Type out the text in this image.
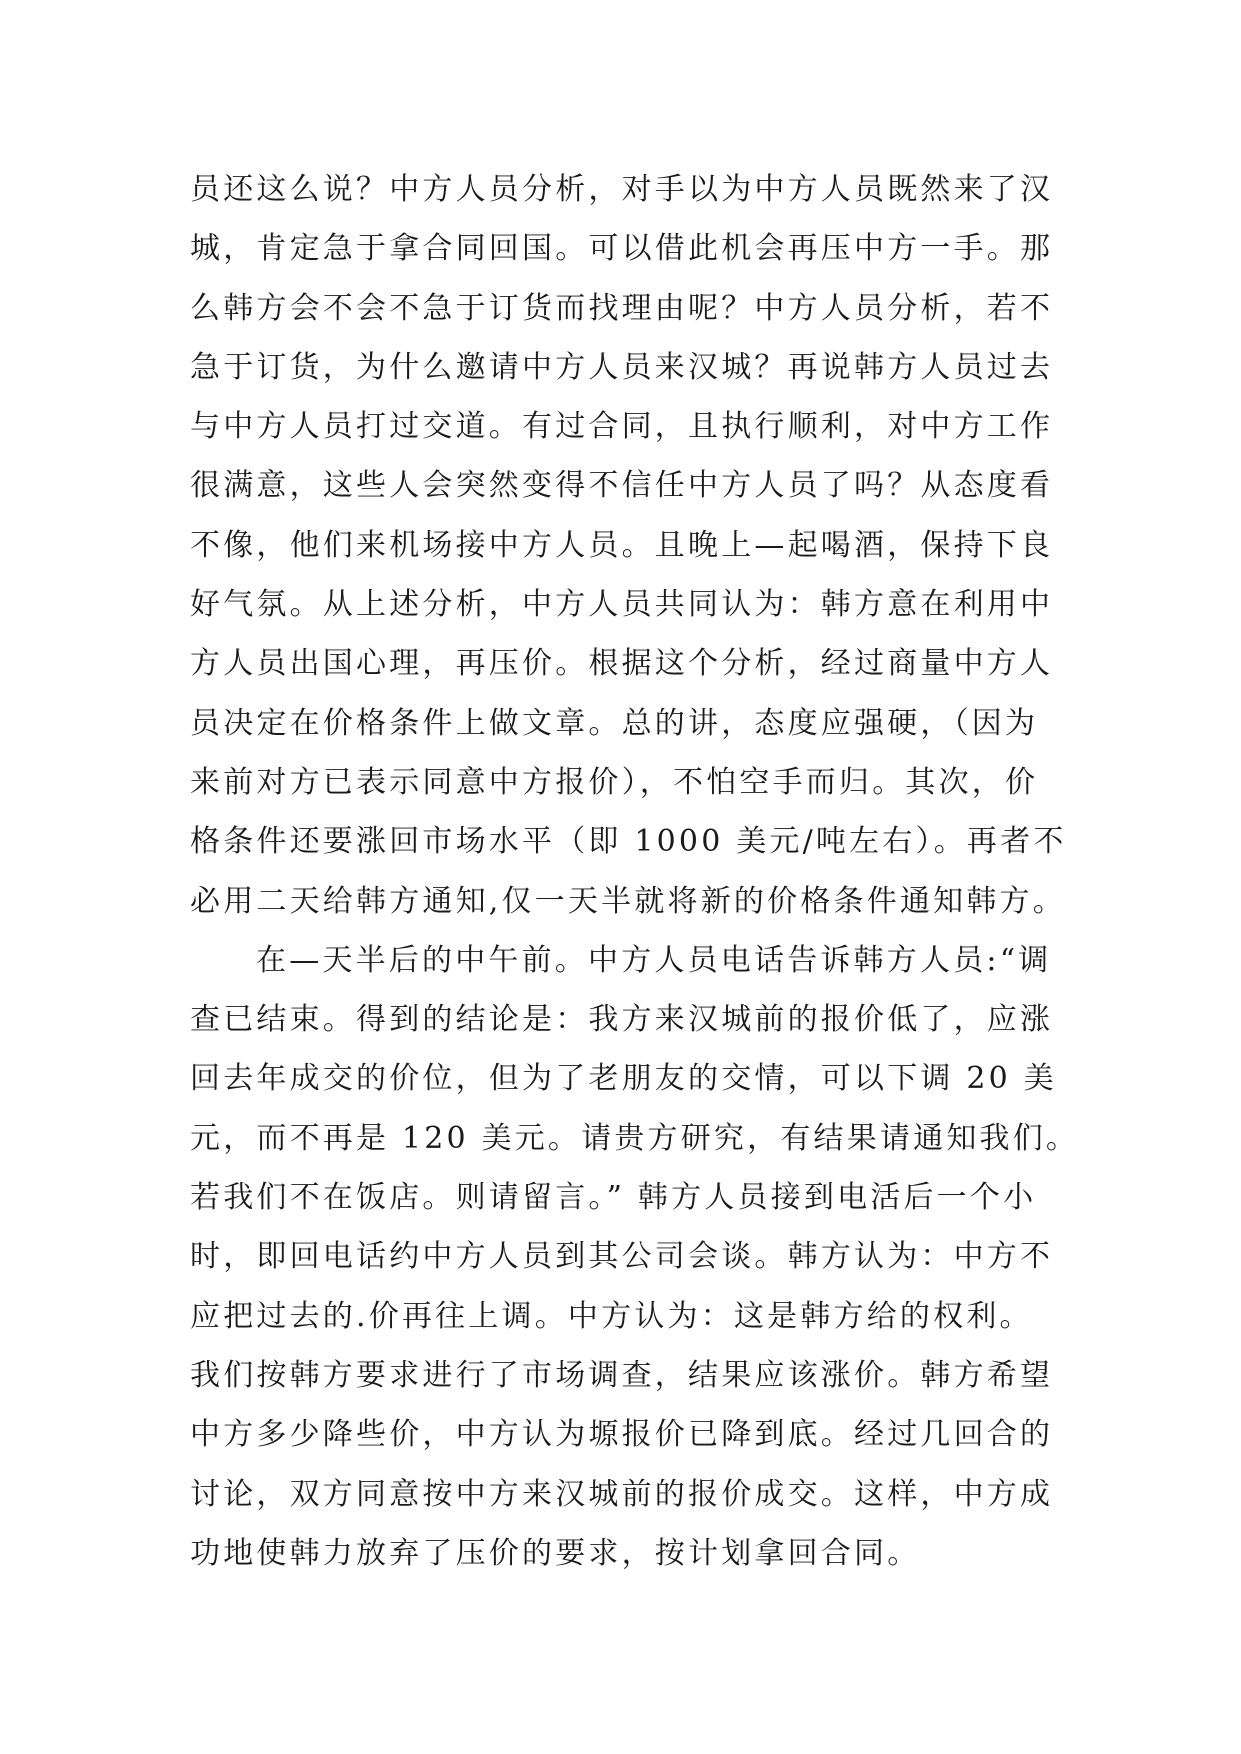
员还这么说？中方人员分析，对手以为中方人员既然来了汉
城，肯定急于拿合同回国。可以借此机会再压中方一手。那
么韩方会不会不急于订货而找理由呢？中方人员分析，若不
急于订货，为什么邀请中方人员来汉城？再说韩方人员过去
与中方人员打过交道。有过合同，且执行顺利，对中方工作
很满意，这些人会突然变得不信任中方人员了吗？从态度看
不像，他们来机场接中方人员。且晚上—起喝酒，保持下良
好气氛。从上述分析，中方人员共同认为：韩方意在利用中
方人员出国心理，再压价。根据这个分析，经过商量中方人
员决定在价格条件上做文章。总的讲，态度应强硬，（因为
来前对方已表示同意中方报价），不怕空手而归。其次，价
格条件还要涨回市场水平（即 1000 美元/吨左右）。再者不
必用二天给韩方通知,仅一天半就将新的价格条件通知韩方。
在—天半后的中午前。中方人员电话告诉韩方人员:“调
查已结束。得到的结论是：我方来汉城前的报价低了，应涨
回去年成交的价位，但为了老朋友的交情，可以下调 20 美
元，而不再是 120 美元。请贵方研究，有结果请通知我们。
若我们不在饭店。则请留言。” 韩方人员接到电活后一个小
时，即回电话约中方人员到其公司会谈。韩方认为：中方不
应把过去的.价再往上调。中方认为：这是韩方给的权利。
我们按韩方要求进行了市场调查，结果应该涨价。韩方希望
中方多少降些价，中方认为塬报价已降到底。经过几回合的
讨论，双方同意按中方来汉城前的报价成交。这样，中方成
功地使韩力放弃了压价的要求，按计划拿回合同。
